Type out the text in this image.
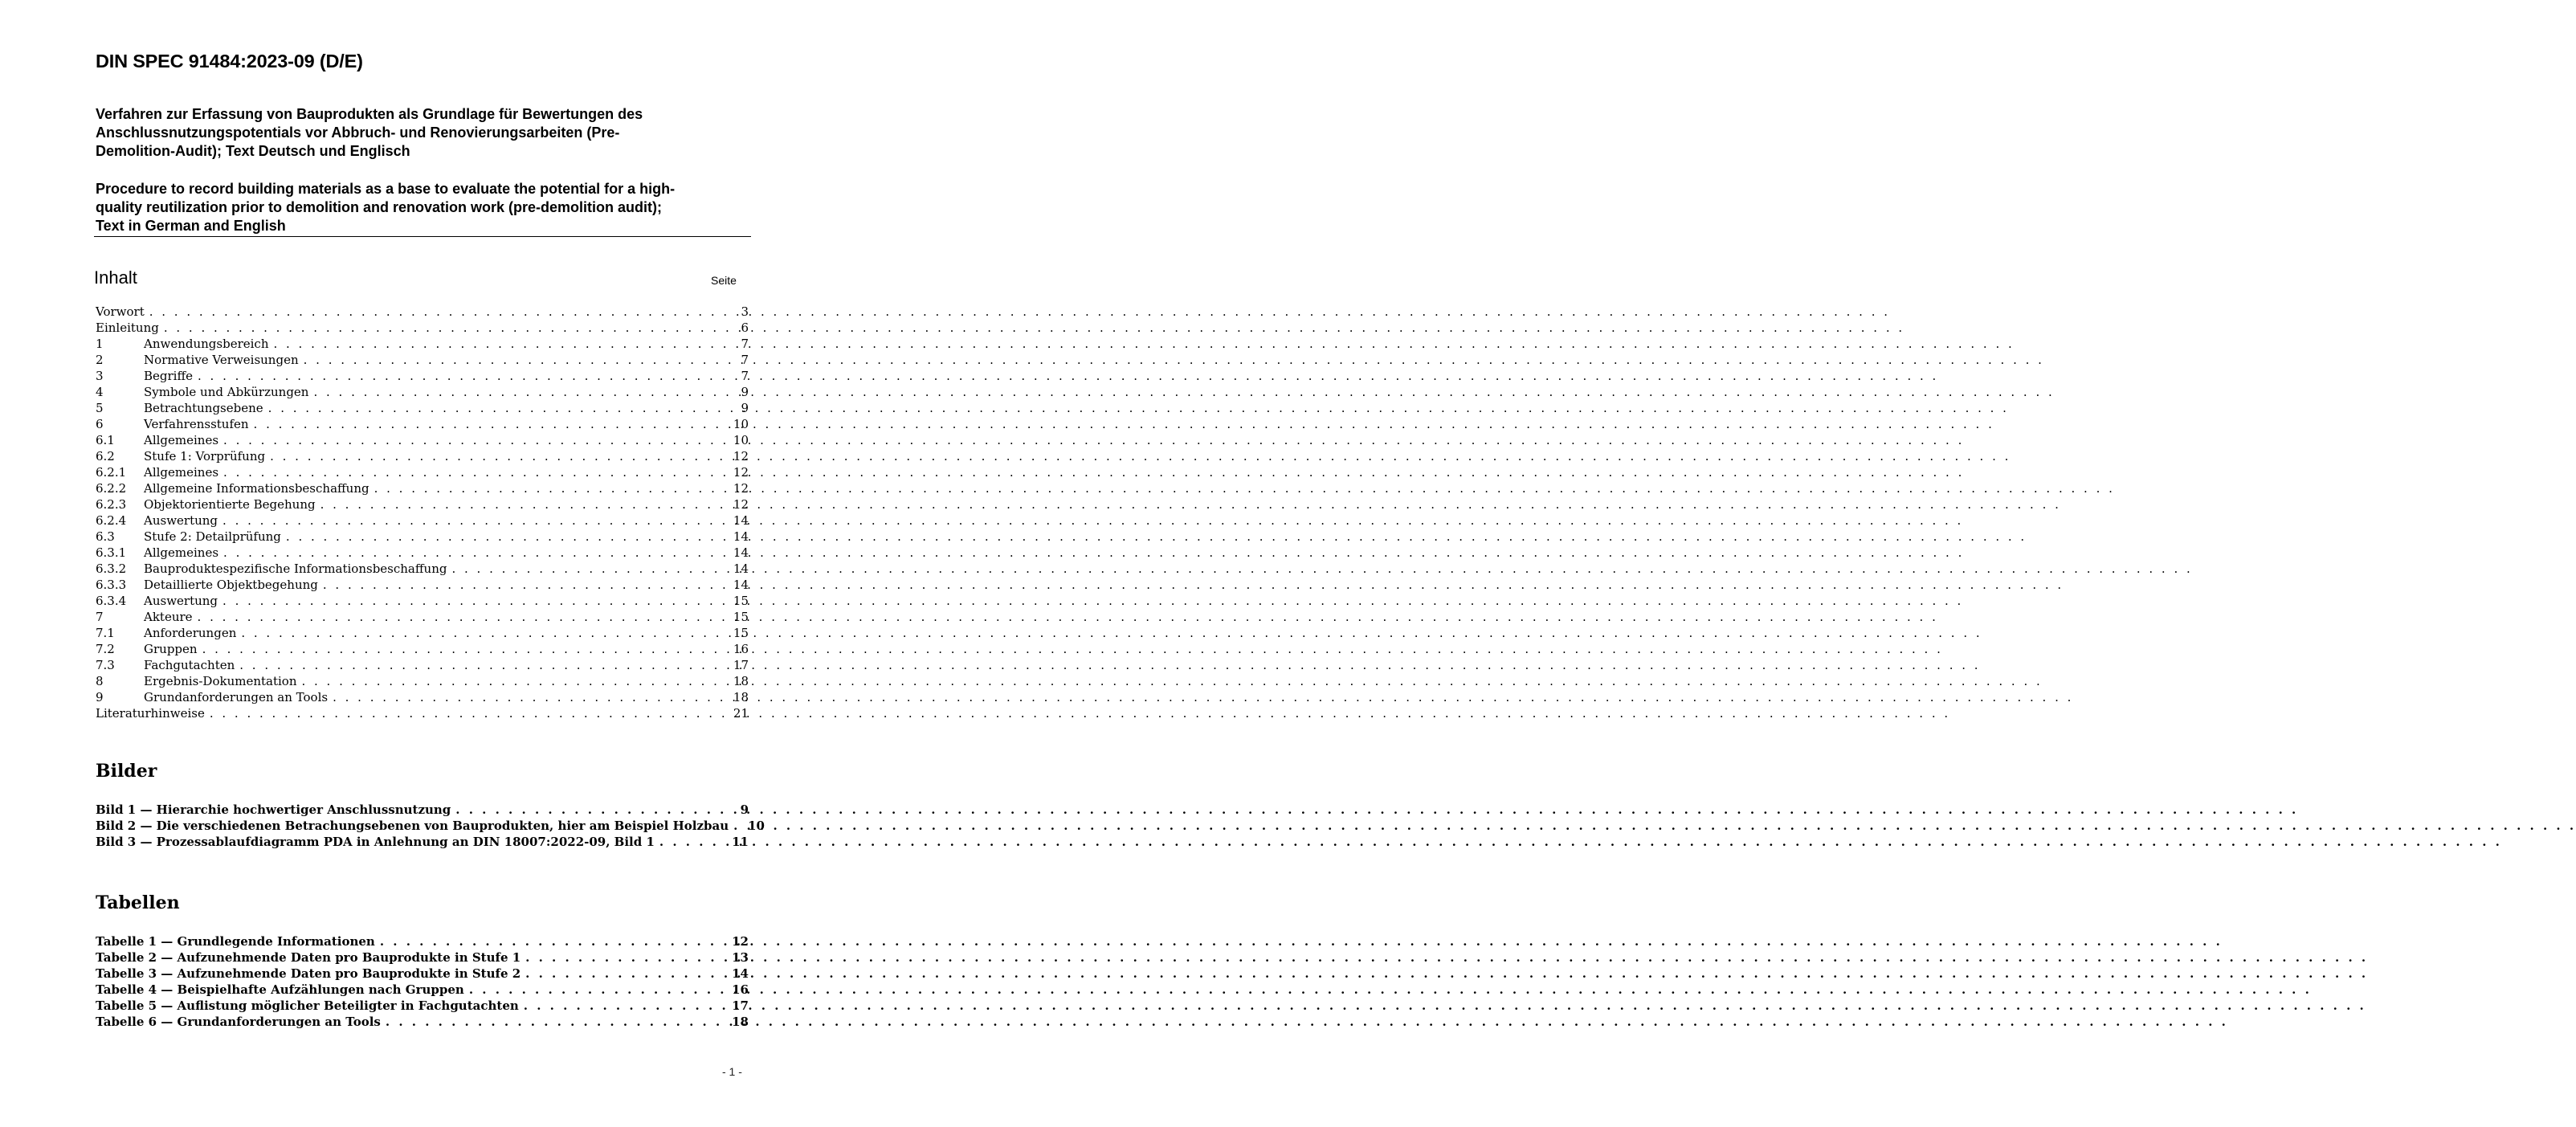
DIN SPEC 91484:2023-09 (D/E)
Verfahren zur Erfassung von Bauprodukten als Grundlage für Bewertungen des
Anschlussnutzungspotentials vor Abbruch- und Renovierungsarbeiten (Pre-
Demolition-Audit); Text Deutsch und Englisch
Procedure to record building materials as a base to evaluate the potential for a high-
quality reutilization prior to demolition and renovation work (pre-demolition audit);
Text in German and English
Inhalt	Seite
Vorwort . . .	3
Einleitung . . .	6
1	Anwendungsbereich . . .	7
2	Normative Verweisungen . . .	7
3	Begriffe . . .	7
4	Symbole und Abkürzungen . . .	9
5	Betrachtungsebene . . .	9
6	Verfahrensstufen . . .	10
6.1	Allgemeines . . .	10
6.2	Stufe 1: Vorprüfung . . .	12
6.2.1	Allgemeines . . .	12
6.2.2	Allgemeine Informationsbeschaffung . . .	12
6.2.3	Objektorientierte Begehung . . .	12
6.2.4	Auswertung . . .	14
6.3	Stufe 2: Detailprüfung . . .	14
6.3.1	Allgemeines . . .	14
6.3.2	Bauproduktespezifische Informationsbeschaffung . . .	14
6.3.3	Detaillierte Objektbegehung . . .	14
6.3.4	Auswertung . . .	15
7	Akteure . . .	15
7.1	Anforderungen . . .	15
7.2	Gruppen . . .	16
7.3	Fachgutachten . . .	17
8	Ergebnis-Dokumentation . . .	18
9	Grundanforderungen an Tools . . .	18
Literaturhinweise . . .	21
Bilder
Bild 1 — Hierarchie hochwertiger Anschlussnutzung . . .	9
Bild 2 — Die verschiedenen Betrachungsebenen von Bauprodukten, hier am Beispiel Holzbau . . . 10
Bild 3 — Prozessablaufdiagramm PDA in Anlehnung an DIN 18007:2022-09, Bild 1 . . .	11
Tabellen
Tabelle 1 — Grundlegende Informationen . . .	12
Tabelle 2 — Aufzunehmende Daten pro Bauprodukte in Stufe 1 . . .	13
Tabelle 3 — Aufzunehmende Daten pro Bauprodukte in Stufe 2 . . .	14
Tabelle 4 — Beispielhafte Aufzählungen nach Gruppen . . .	16
Tabelle 5 — Auflistung möglicher Beteiligter in Fachgutachten . . .	17
Tabelle 6 — Grundanforderungen an Tools . . .	18
- 1 -
